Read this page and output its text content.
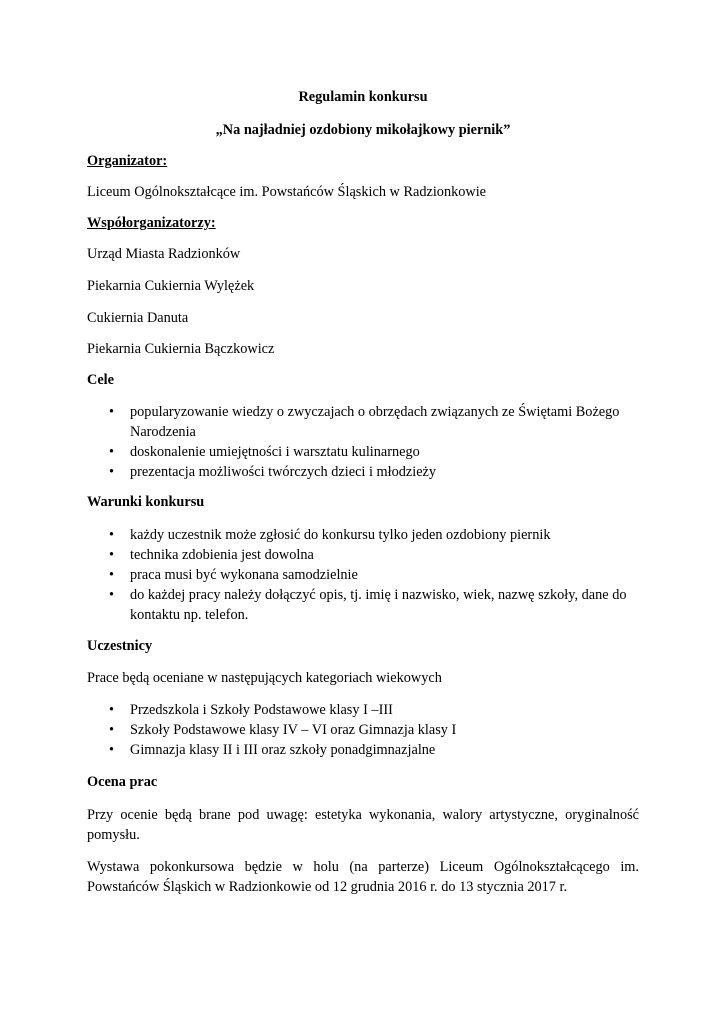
Regulamin konkursu
„Na najładniej ozdobiony mikołajkowy piernik”
Organizator:
Liceum Ogólnokształcące im. Powstańców Śląskich w Radzionkowie
Współorganizatorzy:
Urząd Miasta Radzionków
Piekarnia Cukiernia Wylężek
Cukiernia Danuta
Piekarnia Cukiernia Bączkowicz
Cele
• popularyzowanie wiedzy o zwyczajach o obrzędach związanych ze Świętami Bożego Narodzenia
• doskonalenie umiejętności i warsztatu kulinarnego
• prezentacja możliwości twórczych dzieci i młodzieży
Warunki konkursu
• każdy uczestnik może zgłosić do konkursu tylko jeden ozdobiony piernik
• technika zdobienia jest dowolna
• praca musi być wykonana samodzielnie
• do każdej pracy należy dołączyć opis, tj. imię i nazwisko, wiek, nazwę szkoły, dane do kontaktu np. telefon.
Uczestnicy
Prace będą oceniane w następujących kategoriach wiekowych
• Przedszkola i Szkoły Podstawowe klasy I –III
• Szkoły Podstawowe klasy IV – VI oraz Gimnazja klasy I
• Gimnazja klasy II i III oraz szkoły ponadgimnazjalne
Ocena prac
Przy ocenie będą brane pod uwagę: estetyka wykonania, walory artystyczne, oryginalność pomysłu.
Wystawa pokonkursowa będzie w holu (na parterze) Liceum Ogólnokształcącego im. Powstańców Śląskich w Radzionkowie od 12 grudnia 2016 r. do 13 stycznia 2017 r.
